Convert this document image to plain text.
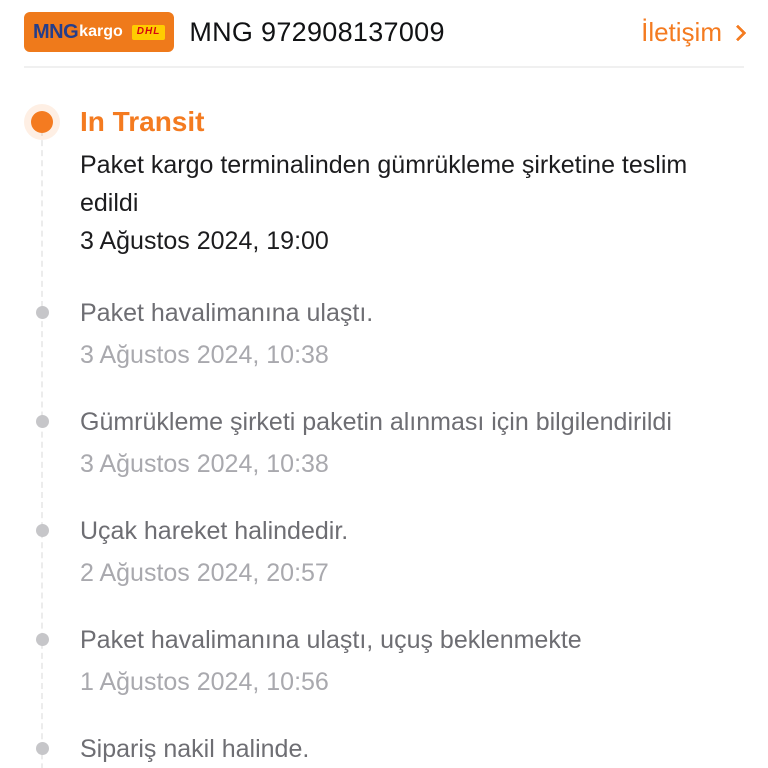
MNG kargo	DHL MNG 972908137009	İletişim
In Transit
Paket kargo terminalinden gümrükleme şirketine teslim edildi
3 Ağustos 2024, 19:00
Paket havalimanına ulaştı.
3 Ağustos 2024, 10:38
Gümrükleme şirketi paketin alınması için bilgilendirildi
3 Ağustos 2024, 10:38
Uçak hareket halindedir.
2 Ağustos 2024, 20:57
Paket havalimanına ulaştı, uçuş beklenmekte
1 Ağustos 2024, 10:56
Sipariş nakil halinde.
